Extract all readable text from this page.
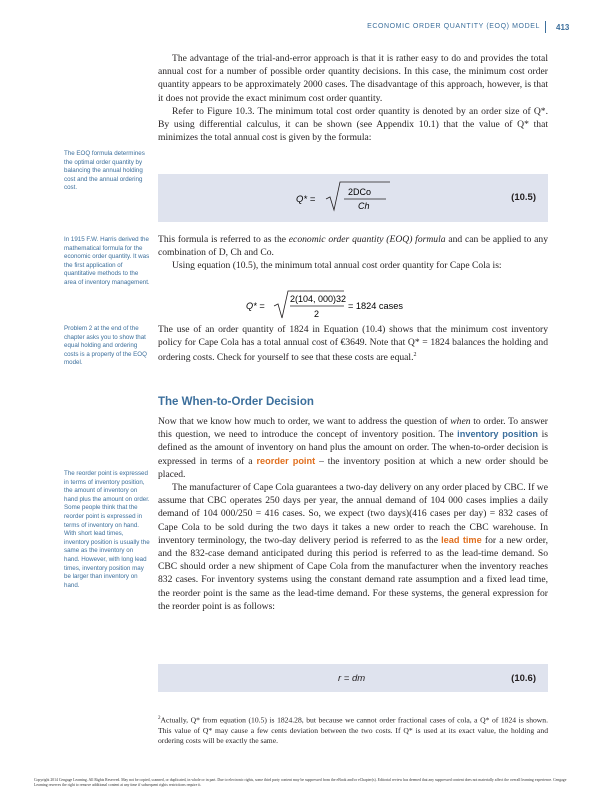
ECONOMIC ORDER QUANTITY (EOQ) MODEL 413

The advantage of the trial-and-error approach is that it is rather easy to do and provides the total annual cost for a number of possible order quantity decisions. In this case, the minimum cost order quantity appears to be approximately 2000 cases. The disadvantage of this approach, however, is that it does not provide the exact minimum cost order quantity.

Refer to Figure 10.3. The minimum total cost order quantity is denoted by an order size of Q*. By using differential calculus, it can be shown (see Appendix 10.1) that the value of Q* that minimizes the total annual cost is given by the formula:

The EOQ formula determines the optimal order quantity by balancing the annual holding cost and the annual ordering cost.

Q* =
2DCo
Ch
(10.5)

This formula is referred to as the economic order quantity (EOQ) formula and can be applied to any combination of D, Ch and Co.

Using equation (10.5), the minimum total annual cost order quantity for Cape Cola is:

In 1915 F.W. Harris derived the mathematical formula for the economic order quantity. It was the first application of quantitative methods to the area of inventory management.

Q* =
2(104, 000)32
2
= 1824 cases

Problem 2 at the end of the chapter asks you to show that equal holding and ordering costs is a property of the EOQ model.

The use of an order quantity of 1824 in Equation (10.4) shows that the minimum cost inventory policy for Cape Cola has a total annual cost of €3649. Note that Q* = 1824 balances the holding and ordering costs. Check for yourself to see that these costs are equal.$^2$

The When-to-Order Decision

Now that we know how much to order, we want to address the question of when to order. To answer this question, we need to introduce the concept of inventory position. The inventory position is defined as the amount of inventory on hand plus the amount on order. The when-to-order decision is expressed in terms of a reorder point – the inventory position at which a new order should be placed.

The manufacturer of Cape Cola guarantees a two-day delivery on any order placed by CBC. If we assume that CBC operates 250 days per year, the annual demand of 104 000 cases implies a daily demand of 104 000/250 = 416 cases. So, we expect (two days)(416 cases per day) = 832 cases of Cape Cola to be sold during the two days it takes a new order to reach the CBC warehouse. In inventory terminology, the two-day delivery period is referred to as the lead time for a new order, and the 832-case demand anticipated during this period is referred to as the lead-time demand. So CBC should order a new shipment of Cape Cola from the manufacturer when the inventory reaches 832 cases. For inventory systems using the constant demand rate assumption and a fixed lead time, the reorder point is the same as the lead-time demand. For these systems, the general expression for the reorder point is as follows:

The reorder point is expressed in terms of inventory position, the amount of inventory on hand plus the amount on order. Some people think that the reorder point is expressed in terms of inventory on hand. With short lead times, inventory position is usually the same as the inventory on hand. However, with long lead times, inventory position may be larger than inventory on hand.

r = dm	(10.6)

$^2$Actually, Q* from equation (10.5) is 1824.28, but because we cannot order fractional cases of cola, a Q* of 1824 is shown. This value of Q* may cause a few cents deviation between the two costs. If Q* is used at its exact value, the holding and ordering costs will be exactly the same.

Copyright 2014 Cengage Learning. All Rights Reserved. May not be copied, scanned, or duplicated, in whole or in part. Due to electronic rights, some third party content may be suppressed from the eBook and/or eChapter(s). Editorial review has deemed that any suppressed content does not materially affect the overall learning experience. Cengage Learning reserves the right to remove additional content at any time if subsequent rights restrictions require it.
